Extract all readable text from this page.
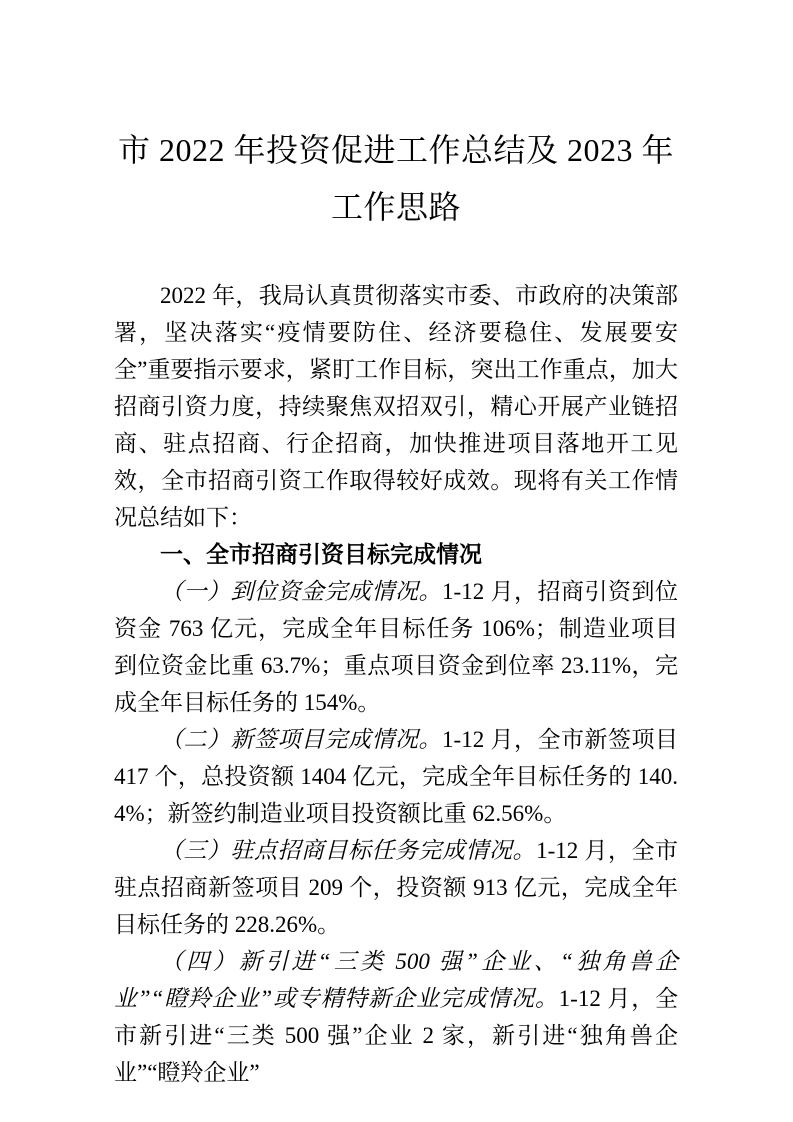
市 2022 年投资促进工作总结及 2023 年工作思路

2022 年，我局认真贯彻落实市委、市政府的决策部署，坚决落实“疫情要防住、经济要稳住、发展要安全”重要指示要求，紧盯工作目标，突出工作重点，加大招商引资力度，持续聚焦双招双引，精心开展产业链招商、驻点招商、行企招商，加快推进项目落地开工见效，全市招商引资工作取得较好成效。现将有关工作情况总结如下：

一、全市招商引资目标完成情况

（一）到位资金完成情况。1-12 月，招商引资到位资金 763 亿元，完成全年目标任务 106%；制造业项目到位资金比重 63.7%；重点项目资金到位率 23.11%，完成全年目标任务的 154%。

（二）新签项目完成情况。1-12 月，全市新签项目 417 个，总投资额 1404 亿元，完成全年目标任务的 140.4%；新签约制造业项目投资额比重 62.56%。

（三）驻点招商目标任务完成情况。1-12 月，全市驻点招商新签项目 209 个，投资额 913 亿元，完成全年目标任务的 228.26%。

（四）新引进“三类 500 强”企业、“独角兽企业”“瞪羚企业”或专精特新企业完成情况。1-12 月，全市新引进“三类 500 强”企业 2 家，新引进“独角兽企业”“瞪羚企业”
